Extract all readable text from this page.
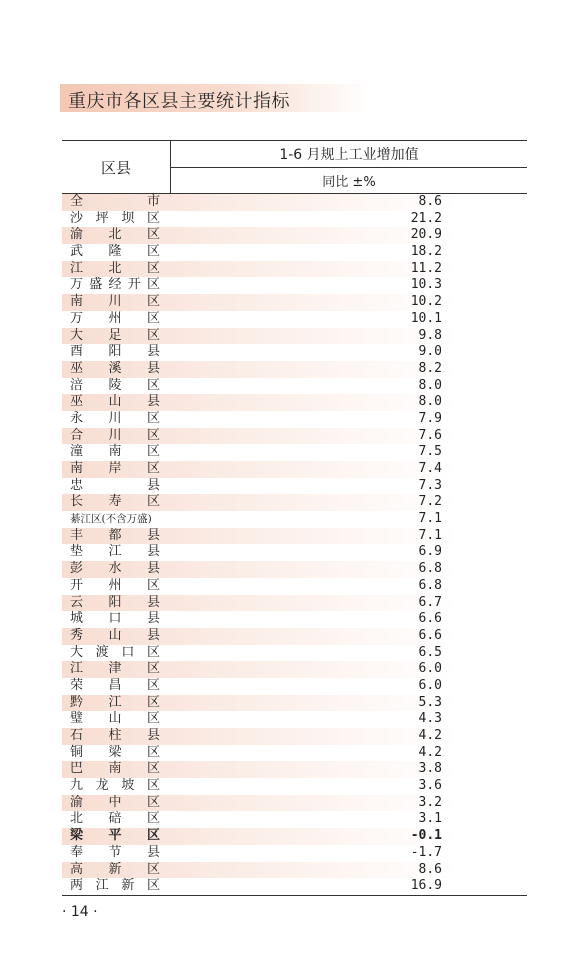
重庆市各区县主要统计指标
区县
1-6 月规上工业增加值
同比 ±%
全	市	8.6
沙 坪 坝 区	21.2
渝 北 区	20.9
武 隆 区	18.2
江 北 区	11.2
万 盛 经 开 区	10.3
南 川 区	10.2
万 州 区	10.1
大 足 区	9.8
酉 阳 县	9.0
巫 溪 县	8.2
涪 陵 区	8.0
巫 山 县	8.0
永 川 区	7.9
合 川 区	7.6
潼 南 区	7.5
南 岸 区	7.4
忠	县	7.3
长 寿 区	7.2
綦江区(不含万盛)	7.1
丰 都 县	7.1
垫 江 县	6.9
彭 水 县	6.8
开 州 区	6.8
云 阳 县	6.7
城 口 县	6.6
秀 山 县	6.6
大 渡 口 区	6.5
江 津 区	6.0
荣 昌 区	6.0
黔 江 区	5.3
璧 山 区	4.3
石 柱 县	4.2
铜 梁 区	4.2
巴 南 区	3.8
九 龙 坡 区	3.6
渝 中 区	3.2
北 碚 区	3.1
梁 平 区	-0.1
奉 节 县	-1.7
高 新 区	8.6
两 江 新 区	16.9
· 14 ·
